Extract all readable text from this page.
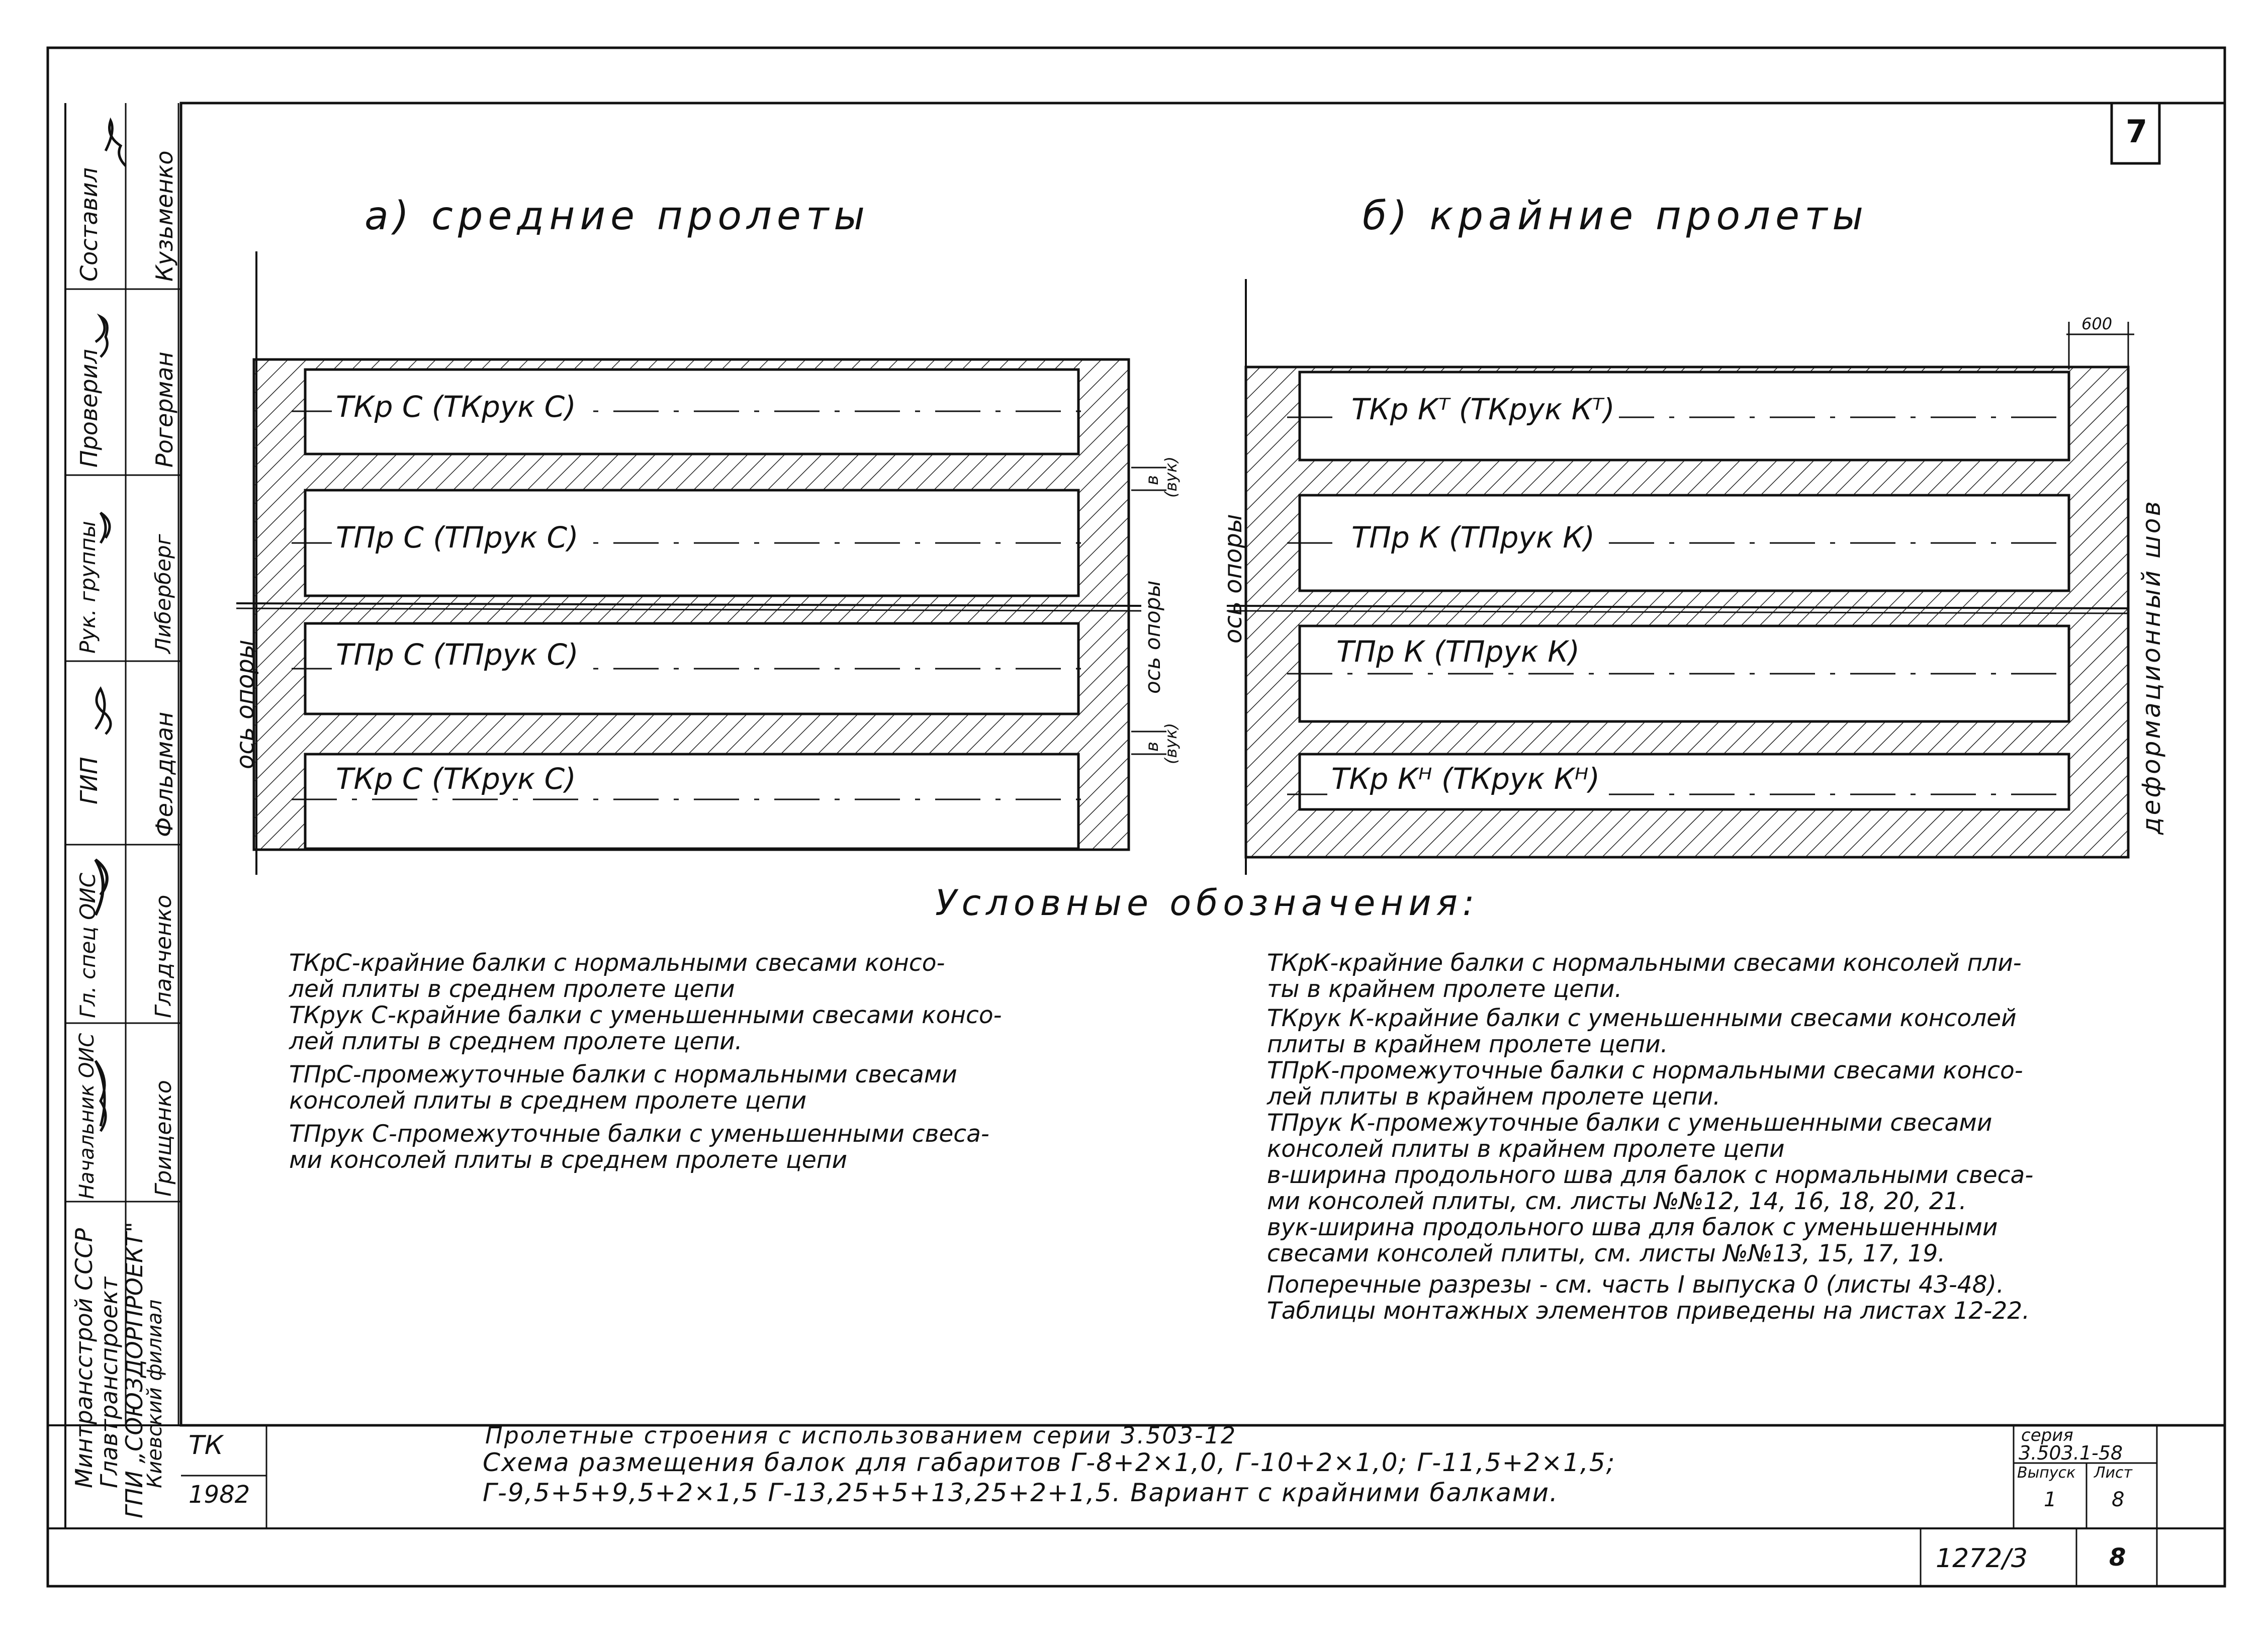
7
а) средние пролеты	б) крайние пролеты
ТКр С (ТКрук С)
ТПр С (ТПрук С)
ТПр С (ТПрук С)
ТКр С (ТКрук С)
ось опоры
ось опоры
в
(вук)
в
(вук)
ТКр Кᵀ (ТКрук Кᵀ)
ТПр К (ТПрук К)
ТПр К (ТПрук К)
ТКр Кᴴ (ТКрук Кᴴ)
ось опоры
600
деформационный шов
Условные обозначения:
ТКрС-крайние балки с нормальными свесами консо-
лей плиты в среднем пролете цепи
ТКрук С-крайние балки с уменьшенными свесами консо-
лей плиты в среднем пролете цепи.
ТПрС-промежуточные балки с нормальными свесами
консолей плиты в среднем пролете цепи
ТПрук С-промежуточные балки с уменьшенными свеса-
ми консолей плиты в среднем пролете цепи
ТКрК-крайние балки с нормальными свесами консолей пли-
ты в крайнем пролете цепи.
ТКрук К-крайние балки с уменьшенными свесами консолей
плиты в крайнем пролете цепи.
ТПрК-промежуточные балки с нормальными свесами консо-
лей плиты в крайнем пролете цепи.
ТПрук К-промежуточные балки с уменьшенными свесами
консолей плиты в крайнем пролете цепи
в-ширина продольного шва для балок с нормальными свеса-
ми консолей плиты, см. листы №№12, 14, 16, 18, 20, 21.
вук-ширина продольного шва для балок с уменьшенными
свесами консолей плиты, см. листы №№13, 15, 17, 19.
Поперечные разрезы - см. часть I выпуска 0 (листы 43-48).
Таблицы монтажных элементов приведены на листах 12-22.
Минтрансстрой СССР
Главтранспроект
ГПИ „СОЮЗДОРПРОЕКТ"
Киевский филиал
Составил Кузьменко
Проверил Рогерман
Рук. группы Либерберг
ГИП Фельдман
Гл. спец ОИС Гладченко
Начальник ОИС Грищенко
ТК
1982
Пролетные строения с использованием серии 3.503-12
Схема размещения балок для габаритов Г-8+2×1,0, Г-10+2×1,0; Г-11,5+2×1,5;
Г-9,5+5+9,5+2×1,5 Г-13,25+5+13,25+2+1,5. Вариант с крайними балками.
серия
3.503.1-58
Выпуск
1
Лист
8
1272/3	8
